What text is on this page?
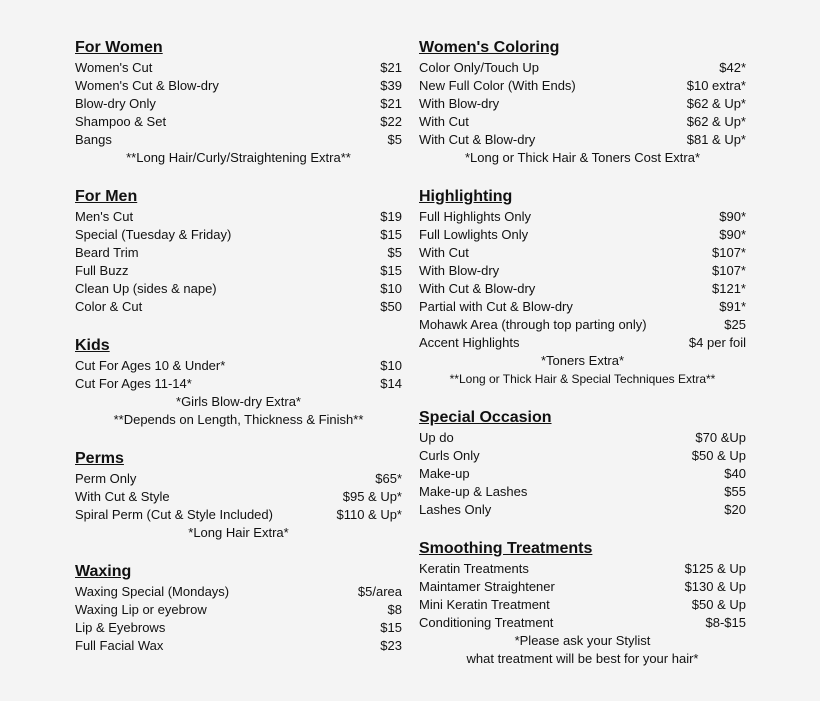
For Women
Women's Cut	$21
Women's Cut & Blow-dry	$39
Blow-dry Only	$21
Shampoo & Set	$22
Bangs	$5
**Long Hair/Curly/Straightening Extra**
For Men
Men's Cut	$19
Special (Tuesday & Friday)	$15
Beard Trim	$5
Full Buzz	$15
Clean Up (sides & nape)	$10
Color & Cut	$50
Kids
Cut For Ages 10 & Under*	$10
Cut For Ages 11-14*	$14
*Girls Blow-dry Extra*
**Depends on Length, Thickness & Finish**
Perms
Perm Only	$65*
With Cut & Style	$95 & Up*
Spiral Perm (Cut & Style Included)	$110 & Up*
*Long Hair Extra*
Waxing
Waxing Special (Mondays)	$5/area
Waxing Lip or eyebrow	$8
Lip & Eyebrows	$15
Full Facial Wax	$23
Women's Coloring
Color Only/Touch Up	$42*
New Full Color (With Ends)	$10 extra*
With Blow-dry	$62 & Up*
With Cut	$62 & Up*
With Cut & Blow-dry	$81 & Up*
*Long or Thick Hair & Toners Cost Extra*
Highlighting
Full Highlights Only	$90*
Full Lowlights Only	$90*
With Cut	$107*
With Blow-dry	$107*
With Cut & Blow-dry	$121*
Partial with Cut & Blow-dry	$91*
Mohawk Area (through top parting only)	$25
Accent Highlights	$4 per foil
*Toners Extra*
**Long or Thick Hair & Special Techniques Extra**
Special Occasion
Up do	$70 &Up
Curls Only	$50 & Up
Make-up	$40
Make-up & Lashes	$55
Lashes Only	$20
Smoothing Treatments
Keratin Treatments	$125 & Up
Maintamer Straightener	$130 & Up
Mini Keratin Treatment	$50 & Up
Conditioning Treatment	$8-$15
*Please ask your Stylist
what treatment will be best for your hair*
